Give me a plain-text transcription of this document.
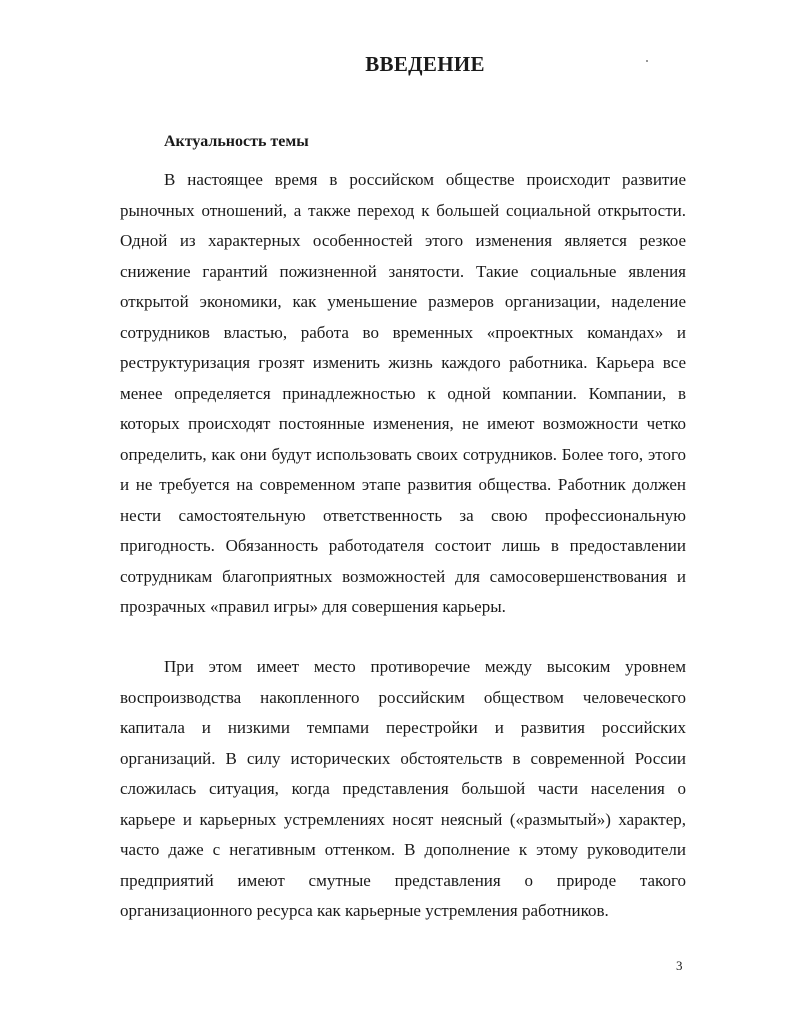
ВВЕДЕНИЕ
Актуальность темы

В настоящее время в российском обществе происходит развитие рыночных отношений, а также переход к большей социальной открытости. Одной из характерных особенностей этого изменения является резкое снижение гарантий пожизненной занятости. Такие социальные явления открытой экономики, как уменьшение размеров организации, наделение сотрудников властью, работа во временных «проектных командах» и реструктуризация грозят изменить жизнь каждого работника. Карьера все менее определяется принадлежностью к одной компании. Компании, в которых происходят постоянные изменения, не имеют возможности четко определить, как они будут использовать своих сотрудников. Более того, этого и не требуется на современном этапе развития общества. Работник должен нести самостоятельную ответственность за свою профессиональную пригодность. Обязанность работодателя состоит лишь в предоставлении сотрудникам благоприятных возможностей для самосовершенствования и прозрачных «правил игры» для совершения карьеры.

При этом имеет место противоречие между высоким уровнем воспроизводства накопленного российским обществом человеческого капитала и низкими темпами перестройки и развития российских организаций. В силу исторических обстоятельств в современной России сложилась ситуация, когда представления большой части населения о карьере и карьерных устремлениях носят неясный («размытый») характер, часто даже с негативным оттенком. В дополнение к этому руководители предприятий имеют смутные представления о природе такого организационного ресурса как карьерные устремления работников.

3
